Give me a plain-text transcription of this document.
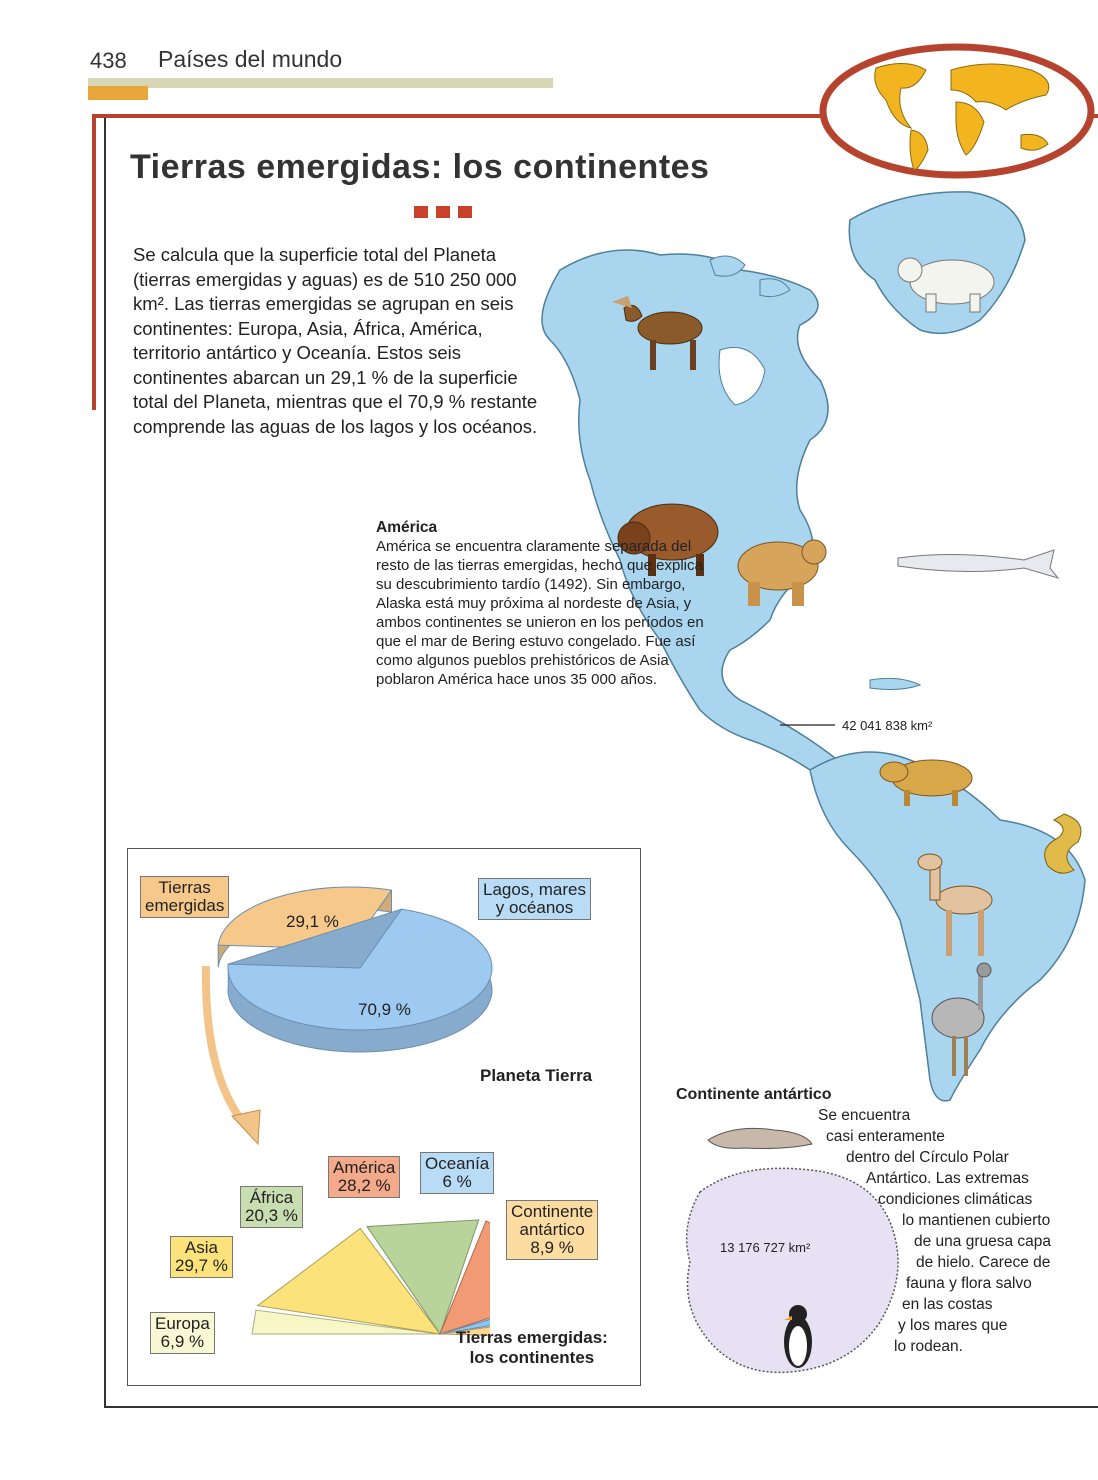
438 Países del mundo
Tierras emergidas: los continentes
42 041 838 km²

Se calcula que la superficie total del Planeta (tierras emergidas y aguas) es de 510 250 000 km². Las tierras emergidas se agrupan en seis continentes: Europa, Asia, África, América, territorio antártico y Oceanía. Estos seis continentes abarcan un 29,1 % de la superficie total del Planeta, mientras que el 70,9 % restante comprende las aguas de los lagos y los océanos.

América

América se encuentra claramente separada del resto de las tierras emergidas, hecho que explica su descubrimiento tardío (1492). Sin embargo, Alaska está muy próxima al nordeste de Asia, y ambos continentes se unieron en los períodos en que el mar de Bering estuvo congelado. Fue así como algunos pueblos prehistóricos de Asia poblaron América hace unos 35 000 años.

Continente antártico
13 176 727 km²
Se encuentra
casi enteramente
dentro del Círculo Polar
Antártico. Las extremas
condiciones climáticas
lo mantienen cubierto
de una gruesa capa
de hielo. Carece de
fauna y flora salvo
en las costas
y los mares que
lo rodean.
Tierras
emergidas
Lagos, mares
y océanos
29,1 %
70,9 %
Planeta Tierra
América
28,2 %
Oceanía
6 %
África
20,3 %
Asia
29,7 %
Europa
6,9 %
Continente
antártico
8,9 %
Tierras emergidas:
los continentes
